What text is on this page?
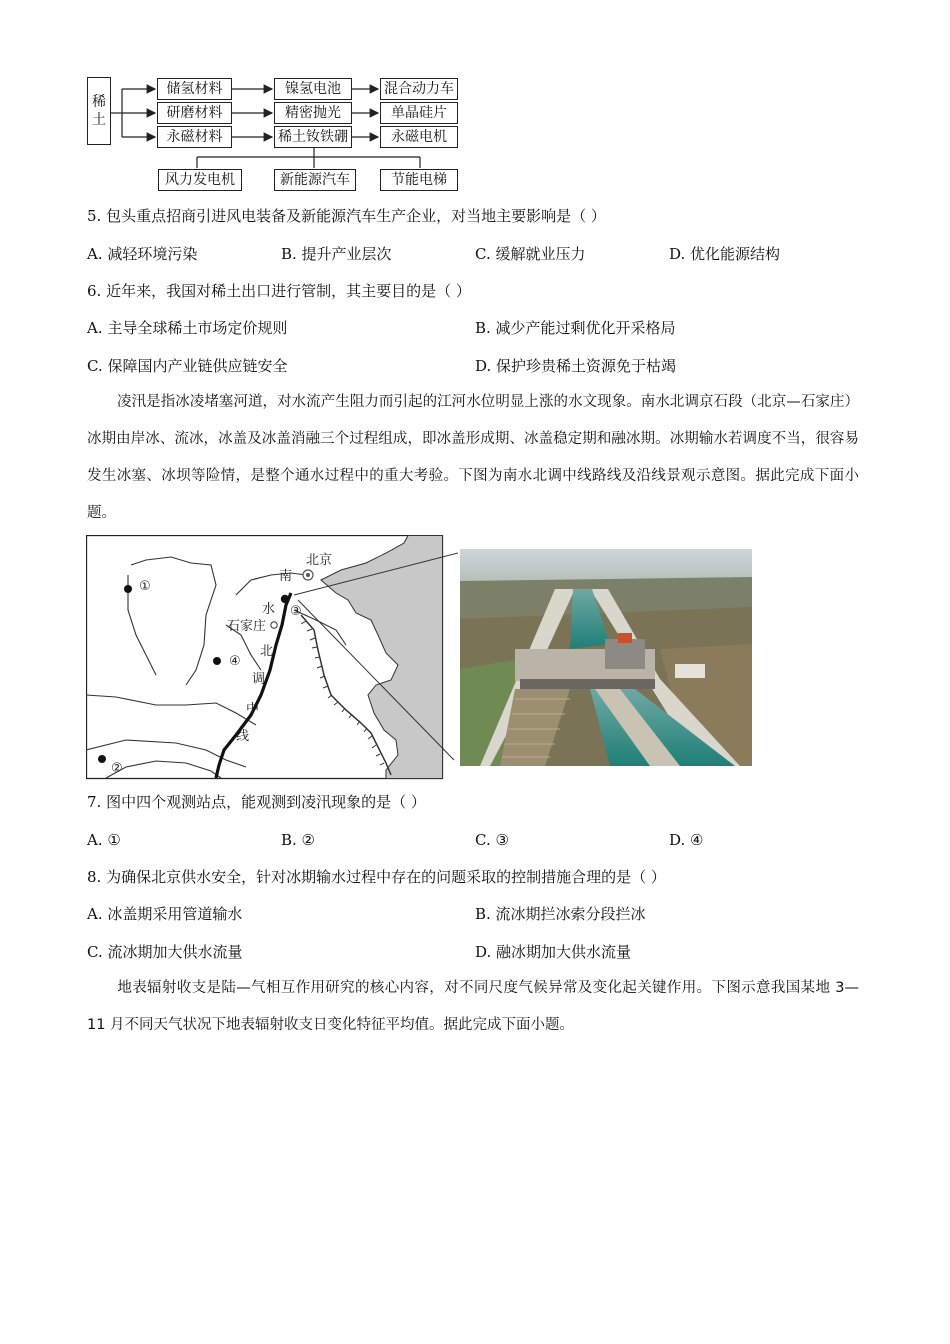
稀
土
储氢材料
研磨材料
永磁材料
镍氢电池
精密抛光
稀土钕铁硼
混合动力车
单晶硅片
永磁电机
风力发电机	新能源汽车	节能电梯
5. 包头重点招商引进风电装备及新能源汽车生产企业，对当地主要影响是（ ）
A. 减轻环境污染	B. 提升产业层次	C. 缓解就业压力	D. 优化能源结构
6. 近年来，我国对稀土出口进行管制，其主要目的是（ ）
A. 主导全球稀土市场定价规则	B. 减少产能过剩优化开采格局
C. 保障国内产业链供应链安全	D. 保护珍贵稀土资源免于枯竭
凌汛是指冰凌堵塞河道，对水流产生阻力而引起的江河水位明显上涨的水文现象。南水北调京石段（北京—石家庄）冰期由岸冰、流冰，冰盖及冰盖消融三个过程组成，即冰盖形成期、冰盖稳定期和融冰期。冰期输水若调度不当，很容易发生冰塞、冰坝等险情，是整个通水过程中的重大考验。下图为南水北调中线路线及沿线景观示意图。据此完成下面小题。
北京
石家庄
南
水
北
调
中
线
①
②
③
④
7. 图中四个观测站点，能观测到凌汛现象的是（ ）
A. ①	B. ②	C. ③	D. ④
8. 为确保北京供水安全，针对冰期输水过程中存在的问题采取的控制措施合理的是（ ）
A. 冰盖期采用管道输水	B. 流冰期拦冰索分段拦冰
C. 流冰期加大供水流量	D. 融冰期加大供水流量
地表辐射收支是陆—气相互作用研究的核心内容，对不同尺度气候异常及变化起关键作用。下图示意我国某地 3—11 月不同天气状况下地表辐射收支日变化特征平均值。据此完成下面小题。
